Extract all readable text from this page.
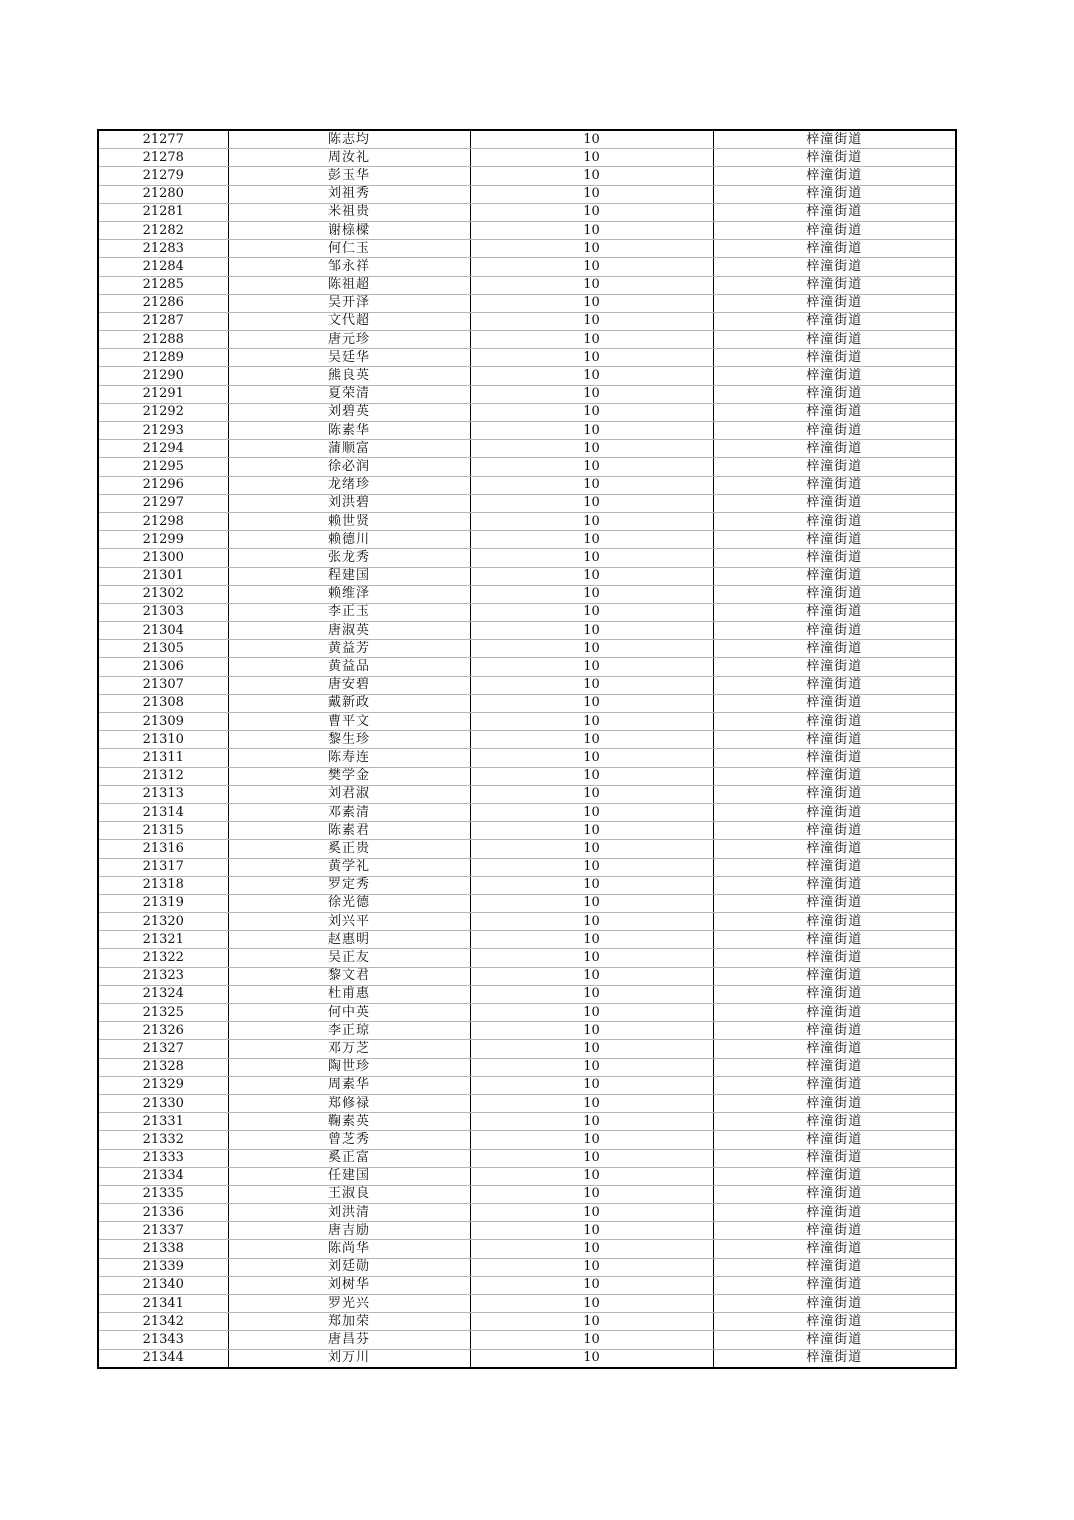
21277	陈志均	10	梓潼街道
21278	周汝礼	10	梓潼街道
21279	彭玉华	10	梓潼街道
21280	刘祖秀	10	梓潼街道
21281	米祖贵	10	梓潼街道
21282	谢榇樑	10	梓潼街道
21283	何仁玉	10	梓潼街道
21284	邹永祥	10	梓潼街道
21285	陈祖超	10	梓潼街道
21286	吴开泽	10	梓潼街道
21287	文代超	10	梓潼街道
21288	唐元珍	10	梓潼街道
21289	吴廷华	10	梓潼街道
21290	熊良英	10	梓潼街道
21291	夏荣清	10	梓潼街道
21292	刘碧英	10	梓潼街道
21293	陈素华	10	梓潼街道
21294	蒲顺富	10	梓潼街道
21295	徐必润	10	梓潼街道
21296	龙绪珍	10	梓潼街道
21297	刘洪碧	10	梓潼街道
21298	赖世贤	10	梓潼街道
21299	赖德川	10	梓潼街道
21300	张龙秀	10	梓潼街道
21301	程建国	10	梓潼街道
21302	赖维泽	10	梓潼街道
21303	李正玉	10	梓潼街道
21304	唐淑英	10	梓潼街道
21305	黄益芳	10	梓潼街道
21306	黄益品	10	梓潼街道
21307	唐安碧	10	梓潼街道
21308	戴新政	10	梓潼街道
21309	曹平文	10	梓潼街道
21310	黎生珍	10	梓潼街道
21311	陈寿连	10	梓潼街道
21312	樊学金	10	梓潼街道
21313	刘君淑	10	梓潼街道
21314	邓素清	10	梓潼街道
21315	陈素君	10	梓潼街道
21316	奚正贵	10	梓潼街道
21317	黄学礼	10	梓潼街道
21318	罗定秀	10	梓潼街道
21319	徐光德	10	梓潼街道
21320	刘兴平	10	梓潼街道
21321	赵惠明	10	梓潼街道
21322	吴正友	10	梓潼街道
21323	黎文君	10	梓潼街道
21324	杜甫惠	10	梓潼街道
21325	何中英	10	梓潼街道
21326	李正琼	10	梓潼街道
21327	邓万芝	10	梓潼街道
21328	陶世珍	10	梓潼街道
21329	周素华	10	梓潼街道
21330	郑修禄	10	梓潼街道
21331	鞠素英	10	梓潼街道
21332	曾芝秀	10	梓潼街道
21333	奚正富	10	梓潼街道
21334	任建国	10	梓潼街道
21335	王淑良	10	梓潼街道
21336	刘洪清	10	梓潼街道
21337	唐吉励	10	梓潼街道
21338	陈尚华	10	梓潼街道
21339	刘廷勋	10	梓潼街道
21340	刘树华	10	梓潼街道
21341	罗光兴	10	梓潼街道
21342	郑加荣	10	梓潼街道
21343	唐昌芬	10	梓潼街道
21344	刘万川	10	梓潼街道
